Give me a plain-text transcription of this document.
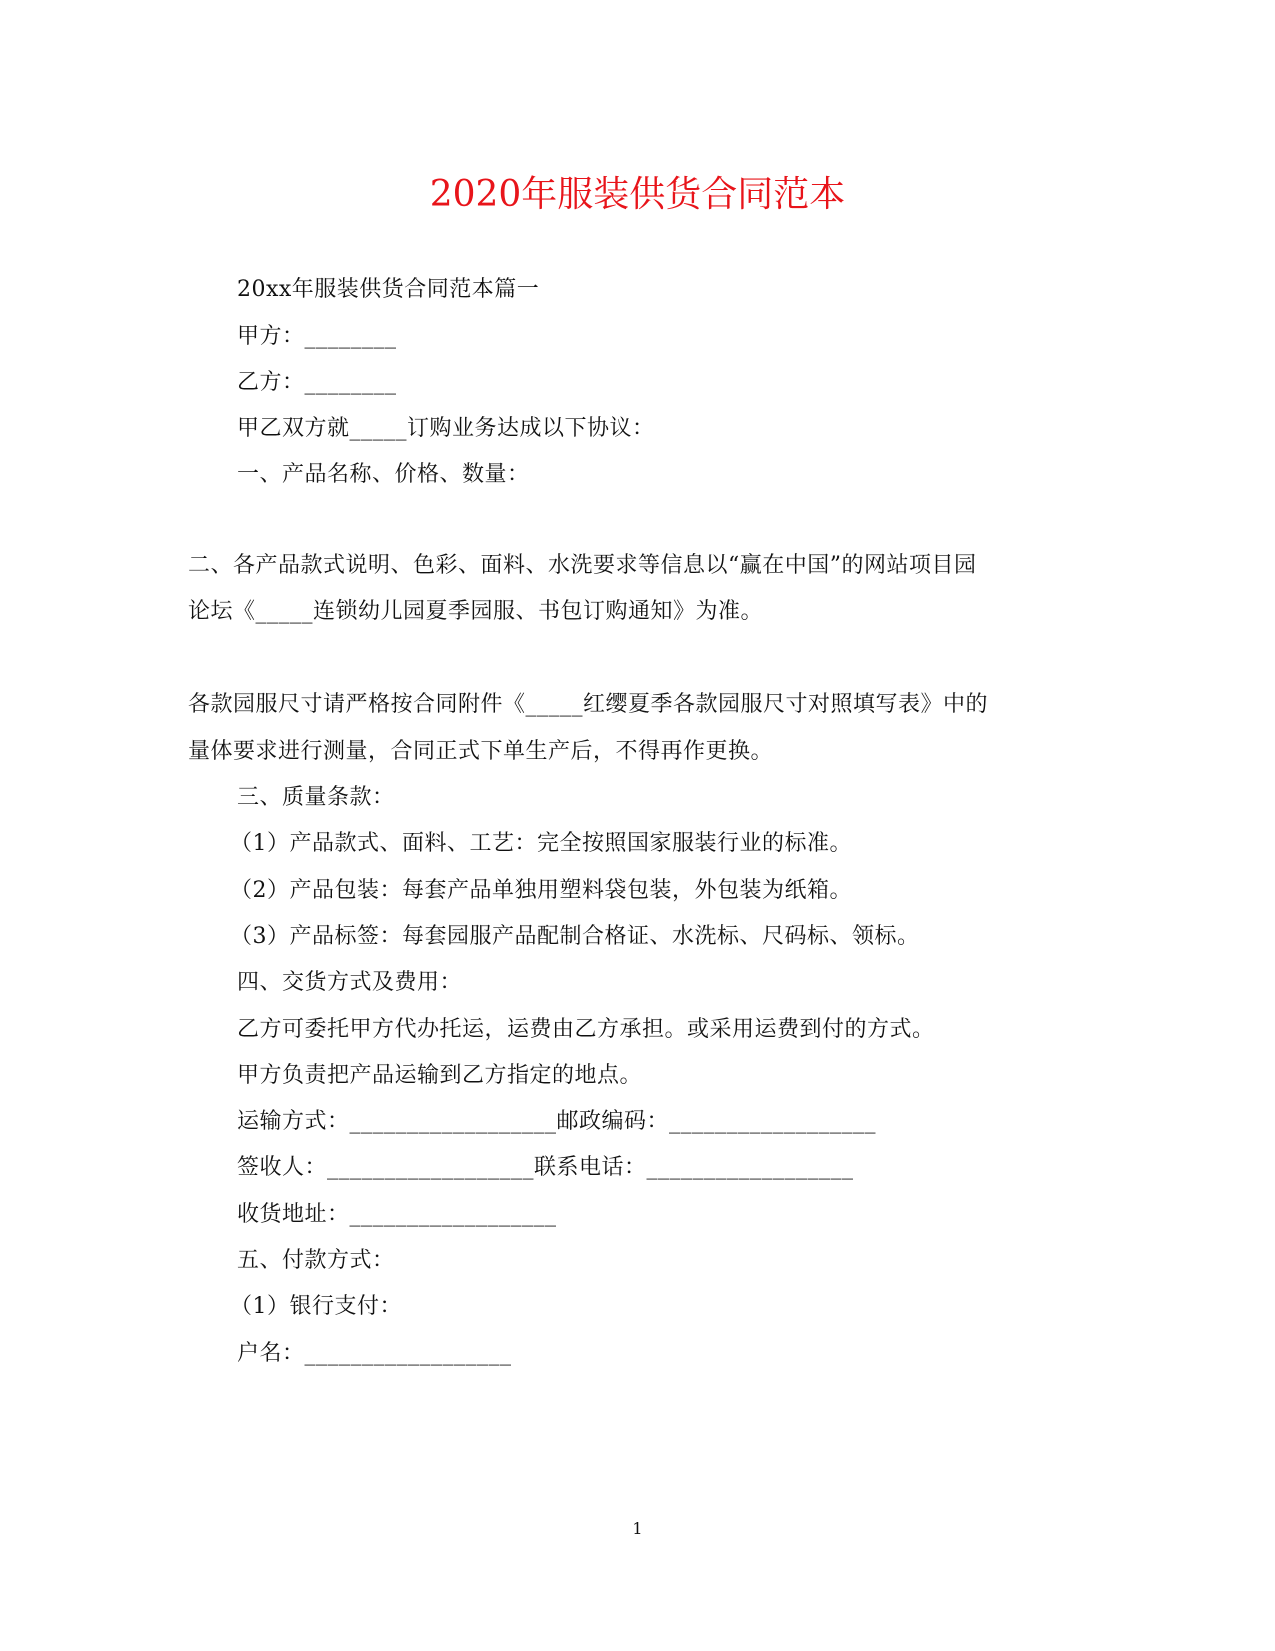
2020年服装供货合同范本
20xx年服装供货合同范本篇一
甲方：________
乙方：________
甲乙双方就_____订购业务达成以下协议：
一、产品名称、价格、数量：
二、各产品款式说明、色彩、面料、水洗要求等信息以“赢在中国”的网站项目园
论坛《_____连锁幼儿园夏季园服、书包订购通知》为准。
各款园服尺寸请严格按合同附件《_____红缨夏季各款园服尺寸对照填写表》中的
量体要求进行测量，合同正式下单生产后，不得再作更换。
三、质量条款：
（1）产品款式、面料、工艺：完全按照国家服装行业的标准。
（2）产品包装：每套产品单独用塑料袋包装，外包装为纸箱。
（3）产品标签：每套园服产品配制合格证、水洗标、尺码标、领标。
四、交货方式及费用：
乙方可委托甲方代办托运，运费由乙方承担。或采用运费到付的方式。
甲方负责把产品运输到乙方指定的地点。
运输方式：__________________邮政编码：__________________
签收人：__________________联系电话：__________________
收货地址：__________________
五、付款方式：
（1）银行支付：
户名：__________________
1
